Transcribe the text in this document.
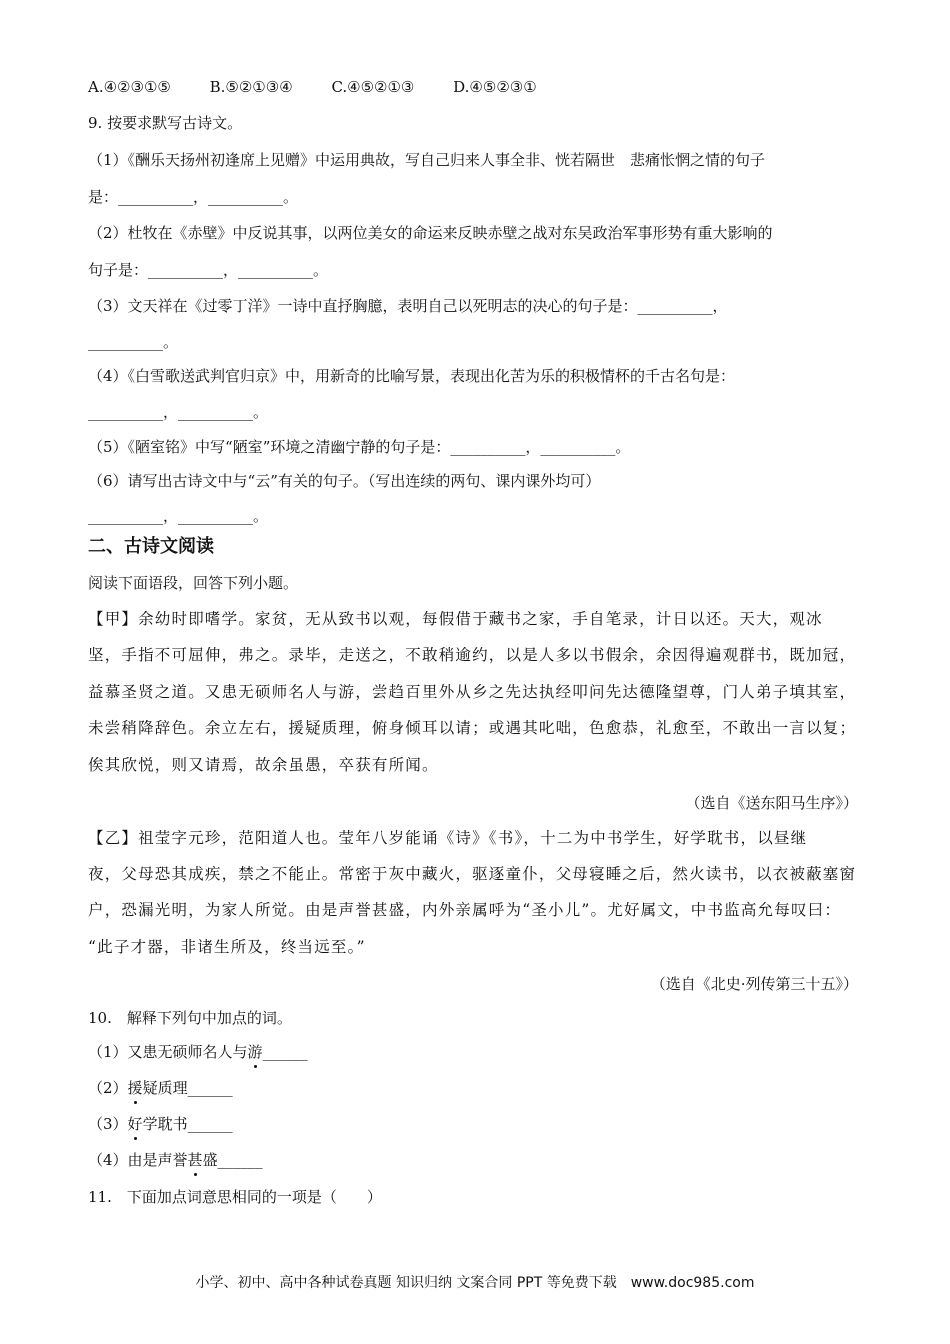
A.④②③①⑤	B.⑤②①③④	C.④⑤②①③	D.④⑤②③①
9. 按要求默写古诗文。
（1）《酬乐天扬州初逢席上见赠》中运用典故，写自己归来人事全非、恍若隔世　悲痛怅惘之情的句子
是：__________，__________。
（2）杜牧在《赤壁》中反说其事，以两位美女的命运来反映赤壁之战对东吴政治军事形势有重大影响的
句子是：__________，__________。
（3）文天祥在《过零丁洋》一诗中直抒胸臆，表明自己以死明志的决心的句子是：__________，
__________。
（4）《白雪歌送武判官归京》中，用新奇的比喻写景，表现出化苦为乐的积极情杯的千古名句是：
__________，__________。
（5）《陋室铭》中写“陋室”环境之清幽宁静的句子是：__________，__________。
（6）请写出古诗文中与“云”有关的句子。（写出连续的两句、课内课外均可）
__________，__________。
二、古诗文阅读
阅读下面语段，回答下列小题。
【甲】余幼时即嗜学。家贫，无从致书以观，每假借于藏书之家，手自笔录，计日以还。天大，观冰
坚，手指不可屈伸，弗之。录毕，走送之，不敢稍逾约，以是人多以书假余，余因得遍观群书，既加冠，
益慕圣贤之道。又患无硕师名人与游，尝趋百里外从乡之先达执经叩问先达德隆望尊，门人弟子填其室，
未尝稍降辞色。余立左右，援疑质理，俯身倾耳以请；或遇其叱咄，色愈恭，礼愈至，不敢出一言以复；
俟其欣悦，则又请焉，故余虽愚，卒获有所闻。
（选自《送东阳马生序》）
【乙】祖莹字元珍，范阳道人也。莹年八岁能诵《诗》《书》，十二为中书学生，好学耽书，以昼继
夜，父母恐其成疾，禁之不能止。常密于灰中藏火，驱逐童仆，父母寝睡之后，然火读书，以衣被蔽塞窗
户，恐漏光明，为家人所觉。由是声誉甚盛，内外亲属呼为“圣小儿”。尤好属文，中书监高允每叹曰：
“此子才器，非诸生所及，终当远至。”
（选自《北史·列传第三十五》）
10.　解释下列句中加点的词。
（1）又患无硕师名人与游______
（2）援疑质理______
（3）好学耽书______
（4）由是声誉甚盛______
11.　下面加点词意思相同的一项是（　　）
小学、初中、高中各种试卷真题 知识归纳 文案合同 PPT 等免费下载　www.doc985.com
